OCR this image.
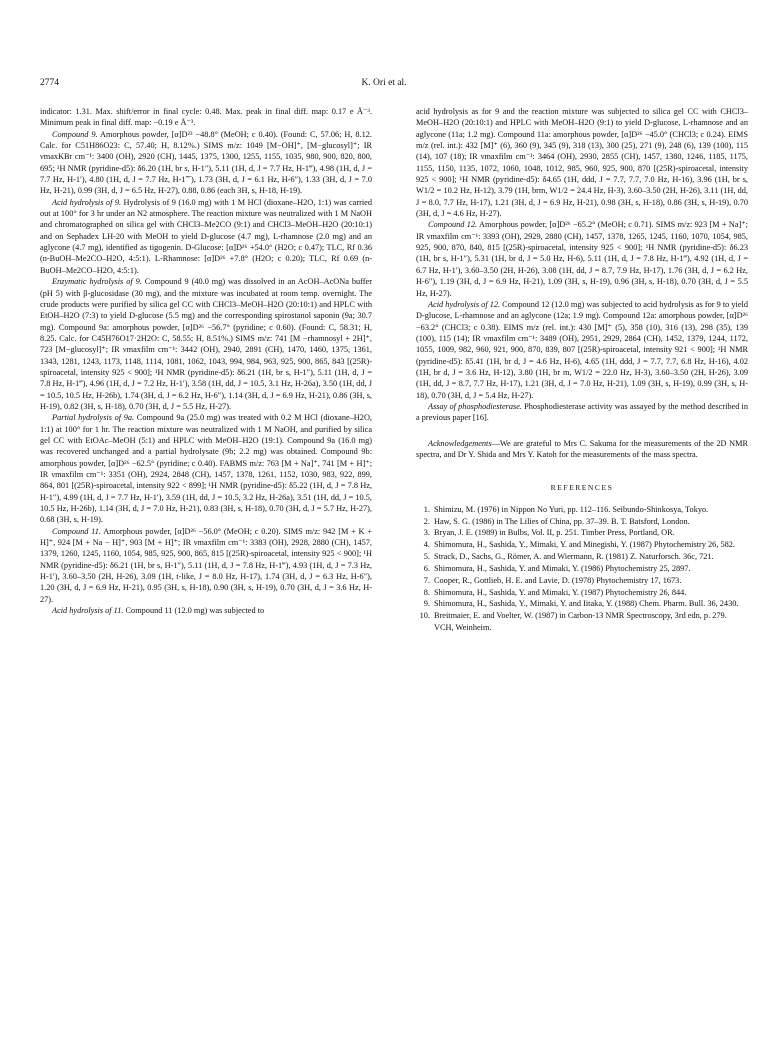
2774	K. Ori et al.

indicator: 1.31. Max. shift/error in final cycle: 0.48. Max. peak in final diff. map: 0.17 e Å⁻³. Minimum peak in final diff. map: −0.19 e Å⁻³.

Compound 9. Amorphous powder, [α]D²³ −48.8° (MeOH; c 0.40). (Found: C, 57.06; H, 8.12. Calc. for C51H86O23: C, 57.40; H, 8.12%.) SIMS m/z: 1049 [M−OH]⁺, [M−glucosyl]⁺; IR νmaxKBr cm⁻¹: 3400 (OH), 2920 (CH), 1445, 1375, 1300, 1255, 1155, 1035, 980, 900, 820, 800, 695; ¹H NMR (pyridine-d5): δ6.20 (1H, br s, H-1″), 5.11 (1H, d, J = 7.7 Hz, H-1‴), 4.98 (1H, d, J = 7.7 Hz, H-1′), 4.80 (1H, d, J = 7.7 Hz, H-1⁗), 1.73 (3H, d, J = 6.1 Hz, H-6″), 1.33 (3H, d, J = 7.0 Hz, H-21), 0.99 (3H, d, J = 6.5 Hz, H-27), 0.88, 0.86 (each 3H, s, H-18, H-19).

Acid hydrolysis of 9. Hydrolysis of 9 (16.0 mg) with 1 M HCl (dioxane–H2O, 1:1) was carried out at 100° for 3 hr under an N2 atmosphere. The reaction mixture was neutralized with 1 M NaOH and chromatographed on silica gel with CHCl3–Me2CO (9:1) and CHCl3–MeOH–H2O (20:10:1) and on Sephadex LH-20 with MeOH to yield D-glucose (4.7 mg), L-rhamnose (2.0 mg) and an aglycone (4.7 mg), identified as tigogenin. D-Glucose: [α]D²⁶ +54.0° (H2O; c 0.47); TLC, Rf 0.36 (n-BuOH–Me2CO–H2O, 4:5:1). L-Rhamnose: [α]D²⁶ +7.8° (H2O; c 0.20); TLC, Rf 0.69 (n-BuOH–Me2CO–H2O, 4:5:1).

Enzymatic hydrolysis of 9. Compound 9 (40.0 mg) was dissolved in an AcOH–AcONa buffer (pH 5) with β-glucosidase (30 mg), and the mixture was incubated at room temp. overnight. The crude products were purified by silica gel CC with CHCl3–MeOH–H2O (20:10:1) and HPLC with EtOH–H2O (7:3) to yield D-glucose (5.5 mg) and the corresponding spirostanol saponin (9a; 30.7 mg). Compound 9a: amorphous powder, [α]D²⁶ −56.7° (pyridine; c 0.60). (Found: C, 58.31; H, 8.25. Calc. for C45H76O17·2H2O: C, 58.55; H, 8.51%.) SIMS m/z: 741 [M −rhamnosyl + 2H]⁺, 723 [M−glucosyl]⁺; IR νmaxfilm cm⁻¹: 3442 (OH), 2940, 2891 (CH), 1470, 1460, 1375, 1361, 1343, 1281, 1243, 1173, 1148, 1114, 1081, 1062, 1043, 994, 984, 963, 925, 900, 865, 843 [(25R)-spiroacetal, intensity 925 < 900]; ¹H NMR (pyridine-d5): δ6.21 (1H, br s, H-1″), 5.11 (1H, d, J = 7.8 Hz, H-1‴), 4.96 (1H, d, J = 7.2 Hz, H-1′), 3.58 (1H, dd, J = 10.5, 3.1 Hz, H-26a), 3.50 (1H, dd, J = 10.5, 10.5 Hz, H-26b), 1.74 (3H, d, J = 6.2 Hz, H-6″), 1.14 (3H, d, J = 6.9 Hz, H-21), 0.86 (3H, s, H-19), 0.82 (3H, s, H-18), 0.70 (3H, d, J = 5.5 Hz, H-27).

Partial hydrolysis of 9a. Compound 9a (25.0 mg) was treated with 0.2 M HCl (dioxane–H2O, 1:1) at 100° for 1 hr. The reaction mixture was neutralized with 1 M NaOH, and purified by silica gel CC with EtOAc–MeOH (5:1) and HPLC with MeOH–H2O (19:1). Compound 9a (16.0 mg) was recovered unchanged and a partial hydrolysate (9b; 2.2 mg) was obtained. Compound 9b: amorphous powder, [α]D²⁶ −62.5° (pyridine; c 0.40). FABMS m/z: 763 [M + Na]⁺, 741 [M + H]⁺; IR νmaxfilm cm⁻¹: 3351 (OH), 2924, 2848 (CH), 1457, 1378, 1261, 1152, 1030, 983, 922, 899, 864, 801 [(25R)-spiroacetal, intensity 922 < 899]; ¹H NMR (pyridine-d5): δ5.22 (1H, d, J = 7.8 Hz, H-1″), 4.99 (1H, d, J = 7.7 Hz, H-1′), 3.59 (1H, dd, J = 10.5, 3.2 Hz, H-26a), 3.51 (1H, dd, J = 10.5, 10.5 Hz, H-26b), 1.14 (3H, d, J = 7.0 Hz, H-21), 0.83 (3H, s, H-18), 0.70 (3H, d, J = 5.7 Hz, H-27), 0.68 (3H, s, H-19).

Compound 11. Amorphous powder, [α]D²⁶ −56.0° (MeOH; c 0.20). SIMS m/z: 942 [M + K + H]⁺, 924 [M + Na − H]⁺, 903 [M + H]⁺; IR νmaxfilm cm⁻¹: 3383 (OH), 2928, 2880 (CH), 1457, 1379, 1260, 1245, 1160, 1054, 985, 925, 900, 865, 815 [(25R)-spiroacetal, intensity 925 < 900]; ¹H NMR (pyridine-d5): δ6.21 (1H, br s, H-1″), 5.11 (1H, d, J = 7.8 Hz, H-1‴), 4.93 (1H, d, J = 7.3 Hz, H-1′), 3.60–3.50 (2H, H-26), 3.09 (1H, t-like, J = 8.0 Hz, H-17), 1.74 (3H, d, J = 6.3 Hz, H-6″), 1.20 (3H, d, J = 6.9 Hz, H-21), 0.95 (3H, s, H-18), 0.90 (3H, s, H-19), 0.70 (3H, d, J = 3.6 Hz, H-27).

Acid hydrolysis of 11. Compound 11 (12.0 mg) was subjected to

acid hydrolysis as for 9 and the reaction mixture was subjected to silica gel CC with CHCl3–MeOH–H2O (20:10:1) and HPLC with MeOH–H2O (9:1) to yield D-glucose, L-rhamnose and an aglycone (11a; 1.2 mg). Compound 11a: amorphous powder, [α]D²⁶ −45.0° (CHCl3; c 0.24). EIMS m/z (rel. int.): 432 [M]⁺ (6), 360 (9), 345 (9), 318 (13), 300 (25), 271 (9), 248 (6), 139 (100), 115 (14), 107 (18); IR νmaxfilm cm⁻¹: 3464 (OH), 2930, 2855 (CH), 1457, 1380, 1246, 1185, 1175, 1155, 1150, 1135, 1072, 1060, 1048, 1012, 985, 960, 925, 900, 870 [(25R)-spiroacetal, intensity 925 < 900]; ¹H NMR (pyridine-d5): δ4.65 (1H, ddd, J = 7.7, 7.7, 7.0 Hz, H-16), 3.96 (1H, br s, W1/2 = 10.2 Hz, H-12), 3.79 (1H, brm, W1/2 = 24.4 Hz, H-3), 3.60–3.50 (2H, H-26), 3.11 (1H, dd, J = 8.0, 7.7 Hz, H-17), 1.21 (3H, d, J = 6.9 Hz, H-21), 0.98 (3H, s, H-18), 0.86 (3H, s, H-19), 0.70 (3H, d, J = 4.6 Hz, H-27).

Compound 12. Amorphous powder, [α]D²⁶ −65.2° (MeOH; c 0.71). SIMS m/z: 923 [M + Na]⁺; IR νmaxfilm cm⁻¹: 3393 (OH), 2929, 2880 (CH), 1457, 1378, 1265, 1245, 1160, 1070, 1054, 985, 925, 900, 870, 840, 815 [(25R)-spiroacetal, intensity 925 < 900]; ¹H NMR (pyridine-d5): δ6.23 (1H, br s, H-1″), 5.31 (1H, br d, J = 5.0 Hz, H-6), 5.11 (1H, d, J = 7.8 Hz, H-1‴), 4.92 (1H, d, J = 6.7 Hz, H-1′), 3.60–3.50 (2H, H-26), 3.08 (1H, dd, J = 8.7, 7.9 Hz, H-17), 1.76 (3H, d, J = 6.2 Hz, H-6″), 1.19 (3H, d, J = 6.9 Hz, H-21), 1.09 (3H, s, H-19), 0.96 (3H, s, H-18), 0.70 (3H, d, J = 5.5 Hz, H-27).

Acid hydrolysis of 12. Compound 12 (12.0 mg) was subjected to acid hydrolysis as for 9 to yield D-glucose, L-rhamnose and an aglycone (12a; 1.9 mg). Compound 12a: amorphous powder, [α]D²⁶ −63.2° (CHCl3; c 0.38). EIMS m/z (rel. int.): 430 [M]⁺ (5), 358 (10), 316 (13), 298 (35), 139 (100), 115 (14); IR νmaxfilm cm⁻¹: 3489 (OH), 2951, 2929, 2864 (CH), 1452, 1379, 1244, 1172, 1055, 1009, 982, 960, 921, 900, 870, 839, 807 [(25R)-spiroacetal, intensity 921 < 900]; ¹H NMR (pyridine-d5): δ5.41 (1H, br d, J = 4.6 Hz, H-6), 4.65 (1H, ddd, J = 7.7, 7.7, 6.8 Hz, H-16), 4.02 (1H, br d, J = 3.6 Hz, H-12), 3.80 (1H, br m, W1/2 = 22.0 Hz, H-3), 3.60–3.50 (2H, H-26), 3.09 (1H, dd, J = 8.7, 7.7 Hz, H-17), 1.21 (3H, d, J = 7.0 Hz, H-21), 1.09 (3H, s, H-19), 0.99 (3H, s, H-18), 0.70 (3H, d, J = 5.4 Hz, H-27).

Assay of phosphodiesterase. Phosphodiesterase activity was assayed by the method described in a previous paper [16].

Acknowledgements—We are grateful to Mrs C. Sakuma for the measurements of the 2D NMR spectra, and Dr Y. Shida and Mrs Y. Katoh for the measurements of the mass spectra.

REFERENCES
1. Shimizu, M. (1976) in Nippon No Yuri, pp. 112–116. Seibundo-Shinkosya, Tokyo.
2. Haw, S. G. (1986) in The Lilies of China, pp. 37–39. B. T. Batsford, London.
3. Bryan, J. E. (1989) in Bulbs, Vol. II, p. 251. Timber Press, Portland, OR.
4. Shimomura, H., Sashida, Y., Mimaki, Y. and Minegishi, Y. (1987) Phytochemistry 26, 582.
5. Strack, D., Sachs, G., Römer, A. and Wiermann, R. (1981) Z. Naturforsch. 36c, 721.
6. Shimomura, H., Sashida, Y. and Mimaki, Y. (1986) Phytochemistry 25, 2897.
7. Cooper, R., Gottlieb, H. E. and Lavie, D. (1978) Phytochemistry 17, 1673.
8. Shimomura, H., Sashida, Y. and Mimaki, Y. (1987) Phytochemistry 26, 844.
9. Shimomura, H., Sashida, Y., Mimaki, Y. and Iitaka, Y. (1988) Chem. Pharm. Bull. 36, 2430.
10. Breitmaier, E. and Voelter, W. (1987) in Carbon-13 NMR Spectroscopy, 3rd edn, p. 279. VCH, Weinheim.
